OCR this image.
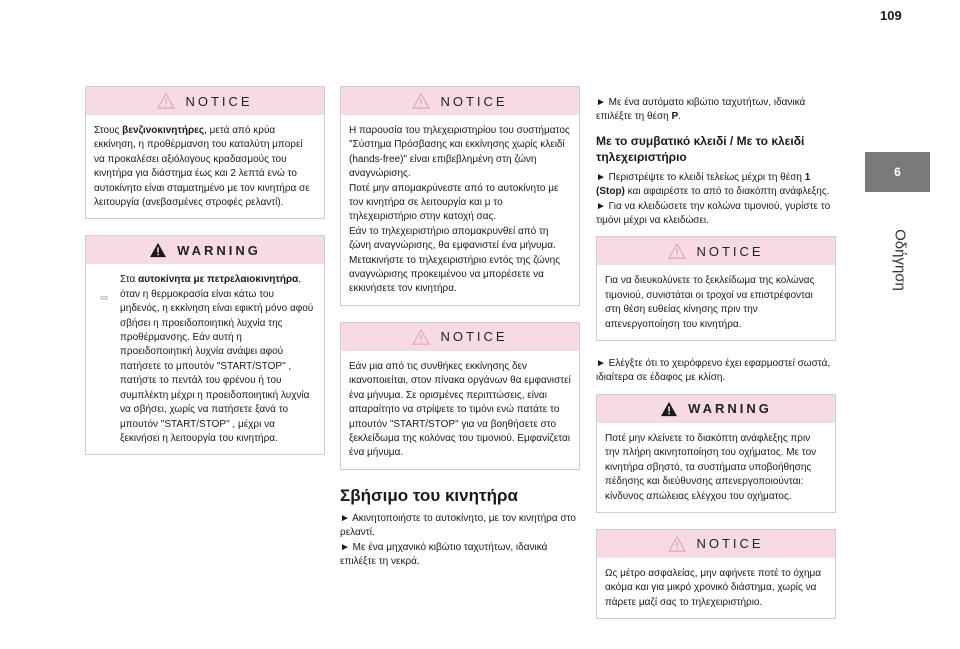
109
6
Οδήγηση
NOTICE

Στους βενζινοκινητήρες, μετά από κρύα εκκίνηση, η προθέρμανση του καταλύτη μπορεί να προκαλέσει αξιόλογους κραδασμούς του κινητήρα για διάστημα έως και 2 λεπτά ενώ το αυτοκίνητο είναι σταματημένο με τον κινητήρα σε λειτουργία (ανεβασμένες στροφές ρελαντί).

WARNING
∞

Στα αυτοκίνητα με πετρελαιοκινητήρα, όταν η θερμοκρασία είναι κάτω του μηδενός, η εκκίνηση είναι εφικτή μόνο αφού σβήσει η προειδοποιητική λυχνία της προθέρμανσης. Εάν αυτή η προειδοποιητική λυχνία ανάψει αφού πατήσετε το μπουτόν "START/STOP" , πατήστε το πεντάλ του φρένου ή του συμπλέκτη μέχρι η προειδοποιητική λυχνία να σβήσει, χωρίς να πατήσετε ξανά το μπουτόν "START/STOP" , μέχρι να ξεκινήσει η λειτουργία του κινητήρα.

NOTICE

Η παρουσία του τηλεχειριστηρίου του συστήματος "Σύστημα Πρόσβασης και εκκίνησης χωρίς κλειδί (hands-free)" είναι επιβεβλημένη στη ζώνη αναγνώρισης.

Ποτέ μην απομακρύνεστε από το αυτοκίνητο με τον κινητήρα σε λειτουργία και μ το τηλεχειριστήριο στην κατοχή σας.

Εάν το τηλεχειριστήριο απομακρυνθεί από τη ζώνη αναγνώρισης, θα εμφανιστεί ένα μήνυμα.

Μετακινήστε το τηλεχειριστήριο εντός της ζώνης αναγνώρισης προκειμένου να μπορέσετε να εκκινήσετε τον κινητήρα.

NOTICE

Εάν μια από τις συνθήκες εκκίνησης δεν ικανοποιείται, στον πίνακα οργάνων θα εμφανιστεί ένα μήνυμα. Σε ορισμένες περιπτώσεις, είναι απαραίτητο να στρίψετε το τιμόνι ενώ πατάτε το μπουτόν "START/STOP" για να βοηθήσετε στο ξεκλείδωμα της κολόνας του τιμονιού. Εμφανίζεται ένα μήνυμα.

Σβήσιμο του κινητήρα

► Ακινητοποιήστε το αυτοκίνητο, με τον κινητήρα στο ρελαντί.

► Με ένα μηχανικό κιβώτιο ταχυτήτων, ιδανικά επιλέξτε τη νεκρά.

► Με ένα αυτόματο κιβώτιο ταχυτήτων, ιδανικά επιλέξτε τη θέση P.

Με το συμβατικό κλειδί / Με το κλειδί τηλεχειριστήριο

► Περιστρέψτε το κλειδί τελείως μέχρι τη θέση 1 (Stop) και αφαιρέστε το από το διακόπτη ανάφλεξης.

► Για να κλειδώσετε την κολώνα τιμονιού, γυρίστε το τιμόνι μέχρι να κλειδώσει.

NOTICE

Για να διευκολύνετε το ξεκλείδωμα της κολώνας τιμονιού, συνιστάται οι τροχοί να επιστρέφονται στη θέση ευθείας κίνησης πριν την απενεργοποίηση του κινητήρα.

► Ελέγξτε ότι το χειρόφρενο έχει εφαρμοστεί σωστά, ιδιαίτερα σε έδαφος με κλίση.

WARNING

Ποτέ μην κλείνετε το διακόπτη ανάφλεξης πριν την πλήρη ακινητοποίηση του οχήματος. Με τον κινητήρα σβηστό, τα συστήματα υποβοήθησης πέδησης και διεύθυνσης απενεργοποιούνται: κίνδυνος απώλειας ελέγχου του οχήματος.

NOTICE

Ως μέτρο ασφαλείας, μην αφήνετε ποτέ το όχημα ακόμα και για μικρό χρονικό διάστημα, χωρίς να πάρετε μαζί σας το τηλεχειριστήριο.
